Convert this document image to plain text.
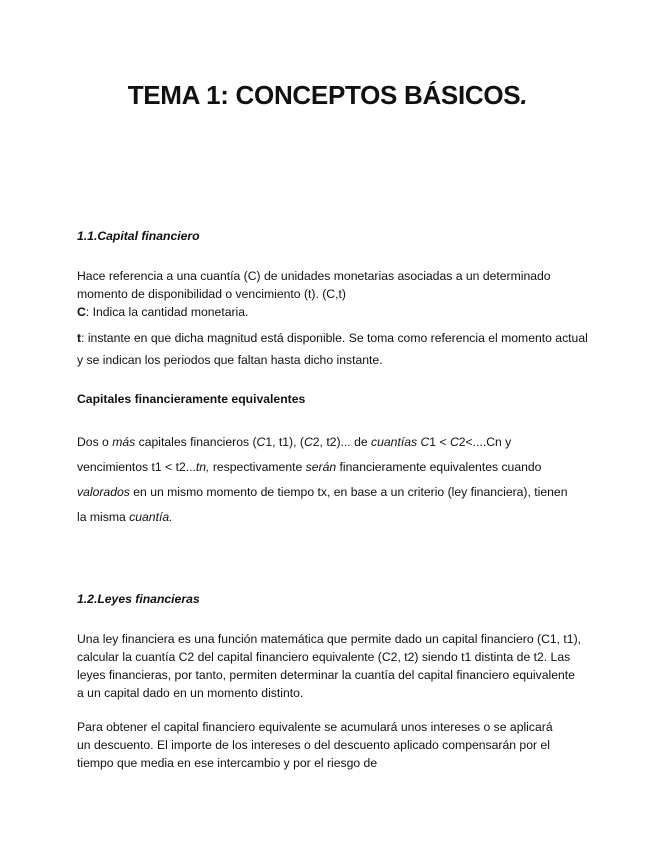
TEMA 1: CONCEPTOS BÁSICOS.
1.1.Capital financiero
Hace referencia a una cuantía (C) de unidades monetarias asociadas a un determinado momento de disponibilidad o vencimiento (t). (C,t)
C: Indica la cantidad monetaria.
t: instante en que dicha magnitud está disponible. Se toma como referencia el momento actual y se indican los periodos que faltan hasta dicho instante.
Capitales financieramente equivalentes
Dos o más capitales financieros (C1, t1), (C2, t2)... de cuantías C1 < C2<....Cn y vencimientos t1 < t2...tn, respectivamente serán financieramente equivalentes cuando valorados en un mismo momento de tiempo tx, en base a un criterio (ley financiera), tienen la misma cuantía.
1.2.Leyes financieras
Una ley financiera es una función matemática que permite dado un capital financiero (C1, t1), calcular la cuantía C2 del capital financiero equivalente (C2, t2) siendo t1 distinta de t2. Las leyes financieras, por tanto, permiten determinar la cuantía del capital financiero equivalente a un capital dado en un momento distinto.
Para obtener el capital financiero equivalente se acumulará unos intereses o se aplicará un descuento. El importe de los intereses o del descuento aplicado compensarán por el tiempo que media en ese intercambio y por el riesgo de
